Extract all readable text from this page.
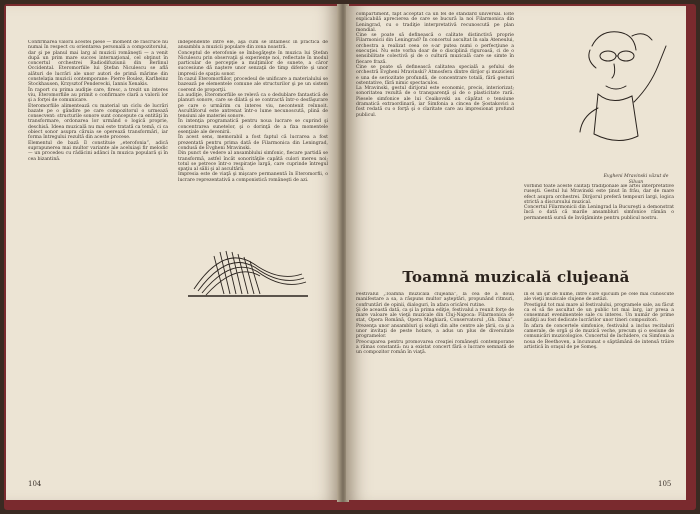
Confirmarea valorii acestei piese — moment de răscruce nu numai în respect cu orientarea personală a compozitorului, dar şi pe planul mai larg al muzicii româneşti — a venit după un prim mare succes internaţional, cel obţinut în concertul orchestrei Radiodifuziunii din Berlinul Occidental. Eteromorfiile lui Ştefan Niculescu se află alături de lucrări ale unor autori de primă mărime din constelaţia muzicii contemporane: Pierre Boulez, Karlheinz Stockhausen, Krzysztof Penderecki, Iannis Xenakis.
În raport cu prima audiţie care, firesc, a trezit un interes viu, Eteromorfiile au primit o confirmare clară a valorii lor şi a forţei de comunicare.
Eteromorfiile alimentează cu material un ciclu de lucrări bazate pe o gândire pe care compozitorul o urmează consecvent: structurile sonore sunt concepute ca entităţi în transformare, ordonarea lor urmând o logică proprie, deschisă. Ideea muzicală nu mai este tratată ca temă, ci ca obiect sonor asupra căruia se operează transformări, iar forma întregului rezultă din aceste procese.
Elementul de bază îl constituie „eterofonia”, adică suprapunerea mai multor variante ale aceluiaşi fir melodic — un procedeu cu rădăcini adânci în muzica populară şi în cea bizantină.
independente între ele, aşa cum se întâlnesc în practica de ansamblu a muzicii populare din zona noastră.
Conceptul de eterofonie se îmbogăţeşte în muzica lui Ştefan Niculescu prin observaţii şi experienţe noi, reflectate în modul particular de percepţie a mulţimilor de sunete, a căror succesiune dă naştere unor senzaţii de timp diferite şi unor impresii de spaţiu sonor.
În cazul Eteromorfiilor, procedeul de unificare a materialului se bazează pe elementele comune ale structurilor şi pe un sistem coerent de proporţii.
La audiţie, Eteromorfiile se relevă ca o dedublare fantastică de planuri sonore, care se dilată şi se contractă într-o desfăşurare pe care o urmărim cu interes viu, necontenit reînnoit. Ascultătorul este antrenat într-o lume necunoscută, plină de tensiuni ale materiei sonore.
În intenţia programatică pentru noua lucrare se cuprind şi concentrarea sunetelor, şi o dorinţă de a fixa momentele esenţiale ale devenirii.
În acest sens, memorabil a fost faptul că lucrarea a fost prezentată pentru prima dată de Filarmonica din Leningrad, condusă de Evgheni Mravinski.
Din punct de vedere al ansamblului simfonic, fiecare partidă se transformă, astfel încât sonorităţile capătă culori mereu noi; totul se petrece într-o respiraţie largă, care cuprinde întregul spaţiu al sălii şi al ascultării.
Impresia este de viaţă şi mişcare permanentă în Eteromorfii, o lucrare reprezentativă a componistică româneşti de azi.
104
compartiment, fapt acceptat ca un fel de standard universal. Este explicabilă aprecierea de care se bucură la noi Filarmonica din Leningrad, cu o tradiţie interpretativă recunoscută pe plan mondial.
Cine se poate să definească o calitate distinctivă proprie Filarmonicii din Leningrad? În concertul ascultat în sala Ateneului, orchestra a realizat ceea ce s-ar putea numi o perfecţiune a execuţiei. Nu este vorba doar de o disciplină riguroasă, ci de o sensibilitate colectivă şi de o cultură muzicală care se simte în fiecare frază.
Cine se poate să definească calitatea specială a şefului de orchestră Evgheni Mravinski? Atmosfera dintre dirijor şi muzicieni e una de seriozitate profundă, de concentrare totală, fără gesturi ostentative, fără nimic spectaculos.
La Mravinski, gestul dirijoral este economic, precis, interiorizat; sonoritatea rezultă de o transparenţă şi de o plasticitate rară. Piesele simfonice ale lui Ceaikovski au căpătat o tensiune dramatică extraordinară, iar Simfonia a cincea de Şostakovici a fost redată cu o forţă şi o claritate care au impresionat profund publicul.
Evgheni Mravinski văzut de Silvan
vorbind toate aceste calităţi tradiţionale ale artei interpretative ruseşti. Gestul lui Mravinski este ţinut în frâu, dar de mare efect asupra orchestrei. Dirijorul preferă tempouri largi, logica strictă a discursului muzical.
Concertul Filarmonicii din Leningrad la Bucureşti a demonstrat încă o dată că marile ansambluri simfonice rămân o permanentă sursă de învăţăminte pentru publicul nostru.
Toamnă muzicală clujeană
Festivalul „Toamna muzicală clujeană”, la cea de a doua manifestare a sa, a răspuns multor aşteptări, propunând ritmuri, confruntări de opinii, dialoguri, în afara oricărei rutine.
Şi de această dată, ca şi la prima ediţie, festivalul a reunit forţe de mare valoare ale vieţii muzicale din Cluj-Napoca: Filarmonica de stat, Opera Română, Opera Maghiară, Conservatorul „Gh. Dima”. Prezenţa unor ansambluri şi solişti din alte centre ale ţării, ca şi a unor invitaţi de peste hotare, a adus un plus de diversitate programelor.
Preocuparea pentru promovarea creaţiei româneşti contemporane a rămas constantă: nu a existat concert fără o lucrare semnată de un compozitor român în viaţă.
în el un şir de nume, între care spicuim pe cele mai cunoscute ale vieţii muzicale clujene de astăzi.
Prestigiul tot mai mare al festivalului, programele sale, au făcut ca el să fie ascultat de un public tot mai larg, iar presa a consemnat evenimentele sale cu interes. Un număr de prime audiţii au fost dedicate lucrărilor unor tineri compozitori.
În afara de concertele simfonice, festivalul a inclus recitaluri camerale, de orgă şi de muzică veche, precum şi o sesiune de comunicări muzicologice. Concertul de închidere, cu Simfonia a noua de Beethoven, a încununat o săptămână de intensă trăire artistică în oraşul de pe Someş.
105
